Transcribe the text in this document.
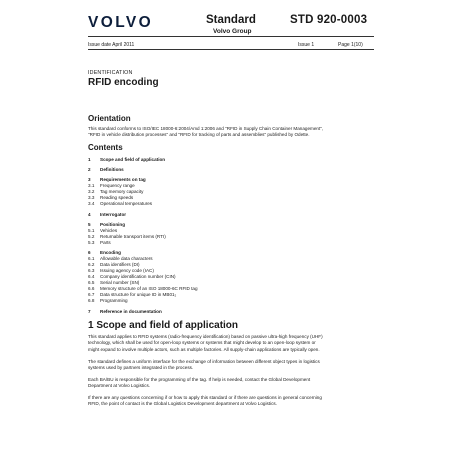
VOLVO	Standard
Volvo Group
STD 920-0003
Issue date April 2011	Issue 1	Page 1(10)
IDENTIFICATION
RFID encoding
Orientation
This standard conforms to ISO/IEC 18000-6:2004/Amd 1:2006 and "RFID in Supply Chain Container Management",
"RFID in vehicle distribution processes" and "RFID for tracking of parts and assemblies" published by Odette.
Contents
1 Scope and field of application
2 Definitions
3 Requirements on tag
3.1 Frequency range
3.2 Tag memory capacity
3.3 Reading speeds
3.4 Operational temperatures
4 Interrogator
5 Positioning
5.1 Vehicles
5.2 Returnable transport items (RTI)
5.3 Parts
6 Encoding
6.1 Allowable data characters
6.2 Data identifiers (DI)
6.3 Issuing agency code (IAC)
6.4 Company identification number (CIN)
6.5 Serial number (SN)
6.6 Memory structure of an ISO 18000-6C RFID tag
6.7 Data structure for unique ID in MB01₂
6.8 Programming
7 Reference in documentation
1 Scope and field of application
This standard applies to RFID systems (radio-frequency identification) based on passive ultra-high frequency (UHF)
technology, which shall be used for open-loop systems or systems that might develop to an open-loop system or
might expand to involve multiple actors, such as multiple factories. All supply-chain applications are typically open.
The standard defines a uniform interface for the exchange of information between different object types in logistics
systems used by partners integrated in the process.
Each BA/BU is responsible for the programming of the tag. If help is needed, contact the Global Development
Department at Volvo Logistics.
If there are any questions concerning if or how to apply this standard or if there are questions in general concerning
RFID, the point of contact is the Global Logistics Development department at Volvo Logistics.
